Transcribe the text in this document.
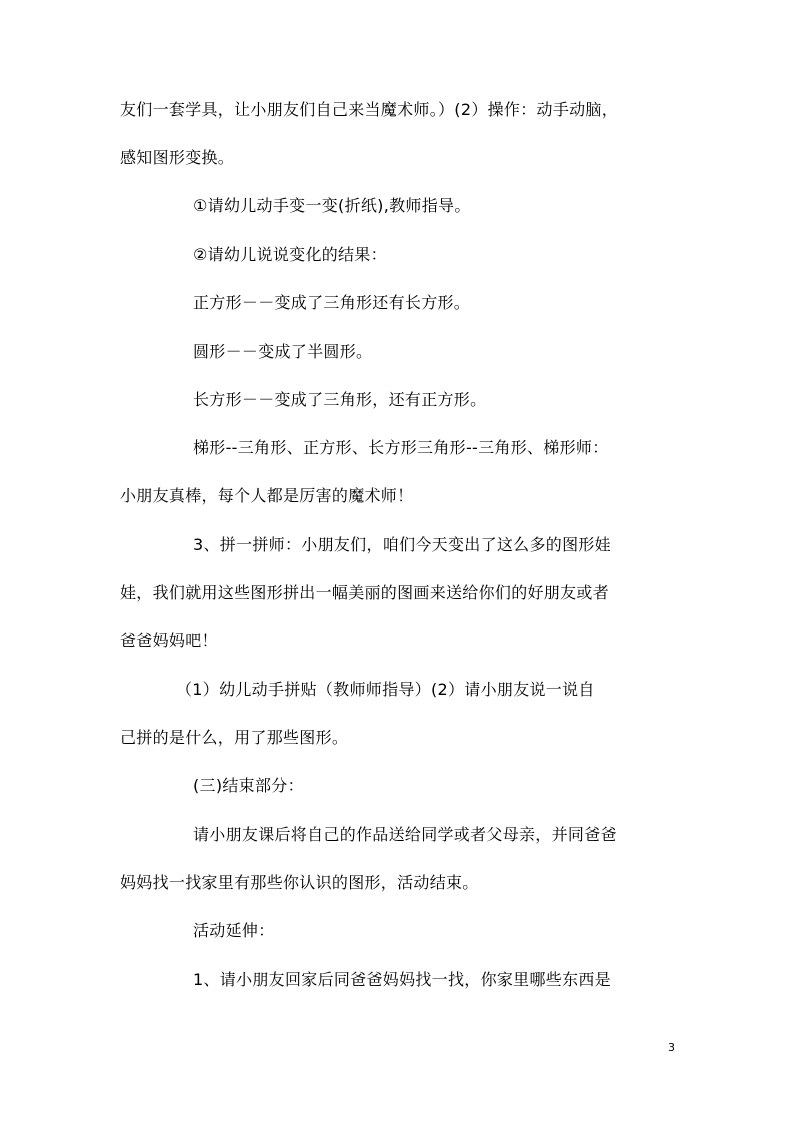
友们一套学具，让小朋友们自己来当魔术师。）(2）操作：动手动脑，
感知图形变换。
①请幼儿动手变一变(折纸),教师指导。
②请幼儿说说变化的结果：
正方形－－变成了三角形还有长方形。
圆形－－变成了半圆形。
长方形－－变成了三角形，还有正方形。
梯形--三角形、正方形、长方形三角形--三角形、梯形师：
小朋友真棒，每个人都是厉害的魔术师！
3、拼一拼师：小朋友们，咱们今天变出了这么多的图形娃
娃，我们就用这些图形拼出一幅美丽的图画来送给你们的好朋友或者
爸爸妈妈吧！
（1）幼儿动手拼贴（教师师指导）(2）请小朋友说一说自
己拼的是什么，用了那些图形。
(三)结束部分：
请小朋友课后将自己的作品送给同学或者父母亲，并同爸爸
妈妈找一找家里有那些你认识的图形，活动结束。
活动延伸：
1、请小朋友回家后同爸爸妈妈找一找，你家里哪些东西是
3
